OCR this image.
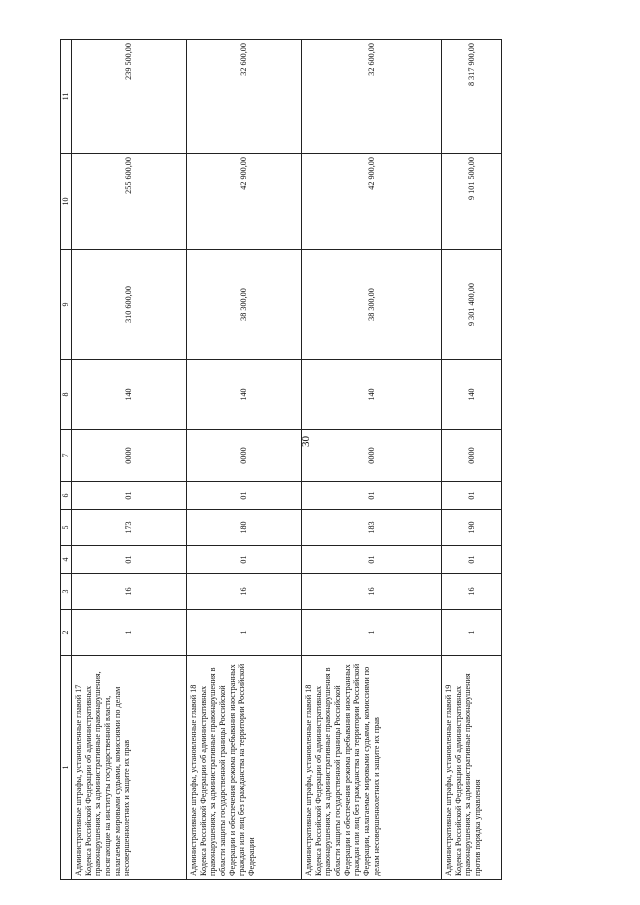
30
1	2	3	4	5	6	7	8	9	10	11
Административные штрафы, установленные главой 17 Кодекса Российской Федерации об административных правонарушениях, за административные правонарушения, посягающие на институты государственной власти, налагаемые мировыми судьями, комиссиями по делам несовершеннолетних и защите их прав	1	16	01	173	01	0000	140	310 600,00	255 600,00	239 500,00
Административные штрафы, установленные главой 18 Кодекса Российской Федерации об административных правонарушениях, за административные правонарушения в области защиты государственной границы Российской Федерации и обеспечения режима пребывания иностранных граждан или лиц без гражданства на территории Российской Федерации	1	16	01	180	01	0000	140	38 300,00	42 900,00	32 600,00
Административные штрафы, установленные главой 18 Кодекса Российской Федерации об административных правонарушениях, за административные правонарушения в области защиты государственной границы Российской Федерации и обеспечения режима пребывания иностранных граждан или лиц без гражданства на территории Российской Федерации, налагаемые мировыми судьями, комиссиями по делам несовершеннолетних и защите их прав	1	16	01	183	01	0000	140	38 300,00	42 900,00	32 600,00
Административные штрафы, установленные главой 19 Кодекса Российской Федерации об административных правонарушениях, за административные правонарушения против порядка управления	1	16	01	190	01	0000	140	9 301 400,00	9 101 500,00	8 317 900,00
